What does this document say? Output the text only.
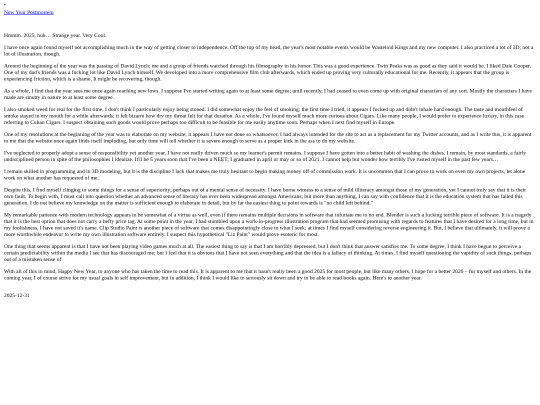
•
New Year Postmortem

Hmmm. 2025, huh… Strange year. Very Cool.

I have once again found myself not accomplishing much in the way of getting closer to independence. Off the top of my head, the year's most notable events would be Wasteloid Kings and my new computer. I also practiced a lot of 3D; not a lot of illustration, though.

Around the beginning of the year was the passing of David Lynch; me and a group of friends watched through his filmography in his honor. This was a good experience. Twin Peaks was as good as they said it would be. I liked Dale Cooper. One of my dad's friends was a fucking lot like David Lynch himself. We developed into a more comprehensive film club afterwards, which ended up proving very culturally educational for me. Recently, it appears that the group is experiencing friction, which is a shame. It might be recovering, though.

As a whole, I find that the year sees me once again reaching new lows. I suppose I've started writing again to at least some degree; until recently, I had ceased to even come up with original characters of any sort. Mostly the characters I have made are smutty in nature to at least some degree.

I also smoked weed for real for the first time. I don't think I particularly enjoy being stoned. I did somewhat enjoy the feel of smoking; the first time I tried, it appears I fucked up and didn't inhale hard enough. The taste and mouthfeel of smoke stayed in my mouth for a while afterwards; it felt bizarre how dry my throat felt for that duration. As a whole, I've found myself much more curious about Cigars. Like many people, I would prefer to experience luxury, in this case referring to Cuban Cigars. I suspect obtaining such goods would prove perhaps too difficult to be feasible for me easily anytime soon. Perhaps when I next find myself in Europe.

One of my resolutions at the beginning of the year was to elaborate on my website; it appears I have not done so whatsoever. I had always intended for the site to act as a replacement for my Twitter accounts, and as I write this, it is apparent to me that the website once again finds itself imploding, but only time will tell whether it is severe enough to serve as a proper kick in the ass to do my website.

I've neglected to properly adopt a sense of responsibility yet another year. I have not really driven much so my learner's permit remains. I suppose I have gotten into a better habit of washing the dishes. I remain, by most standards, a fairly undisciplined person in spite of the philosophies I idealize. It'll be 5 years soon that I've been a NEET; I graduated in april or may or so of 2021. I cannot help but wonder how terribly I've rusted myself in the past few years…

I remain skilled in programming and in 3D modeling, but it is the discipline I lack that makes me truly hesitant to begin making money off of commission work. It is uncommon that I can prove to work on even my own projects, let alone work on what another has requested of me.

Despite this, I find myself clinging to some things for a sense of superiority; perhaps out of a mental sense of necessity. I have borne witness to a sense of mild illiteracy amongst those of my generation, yet I cannot truly say that it is their own fault. To begin with, I must call into question whether an advanced sense of literacy has ever been widespread amongst Americans; but more than anything, I can say with confidence that it is the education system that has failed this generation. I do not believe my knowledge on the matter is sufficient enough to elaborate in detail, but by far the easiest thing to point towards is "no child left behind."

My remarkable patience with modern technology appears to be somewhat of a virtue as well, even if there remains multiple decisions in software that infuriate me to no end. Blender is such a fucking terrible piece of software. It is a tragedy that it is the best option that does not carry a hefty price tag. At some point in the year, I had stumbled upon a work-in-progress illustration program that had seemed promising with regards to features that I have desired for a long time, but in my foolishness, I have not saved it's name. Clip Studio Paint is another piece of software that comes disappointingly close to what I seek; at times I find myself considering reverse engineering it. But, I believe that ultimately, it will prove a more worthwhile endeavor to write my own illustration software entirely. I suspect this hypothetical "Liz Paint" would prove esoteric for most.

One thing that seems apparent is that I have not been playing video games much at all. The easiest thing to say is that I am horribly depressed, but I don't think that answer satisfies me. To some degree, I think I have begun to perceive a certain predictability within the media I see that has discouraged me; but I feel that it is obvious that I have not seen everything and that the idea is a fallacy of thinking. At times, I find myself questioning the vapidity of such things; perhaps out of a mistaken sense of

With all of this in mind, Happy New Year, to anyone who has taken the time to read this. It is apparent to me that it hasn't really been a good 2025 for most people, but like many others, I hope for a better 2026 – for myself and others. In the coming year, I of course strive for my usual goals in self improvement, but in addition, I think I would like to seriously sit down and try to be able to read books again. Here's to another year.

2025-12-31
